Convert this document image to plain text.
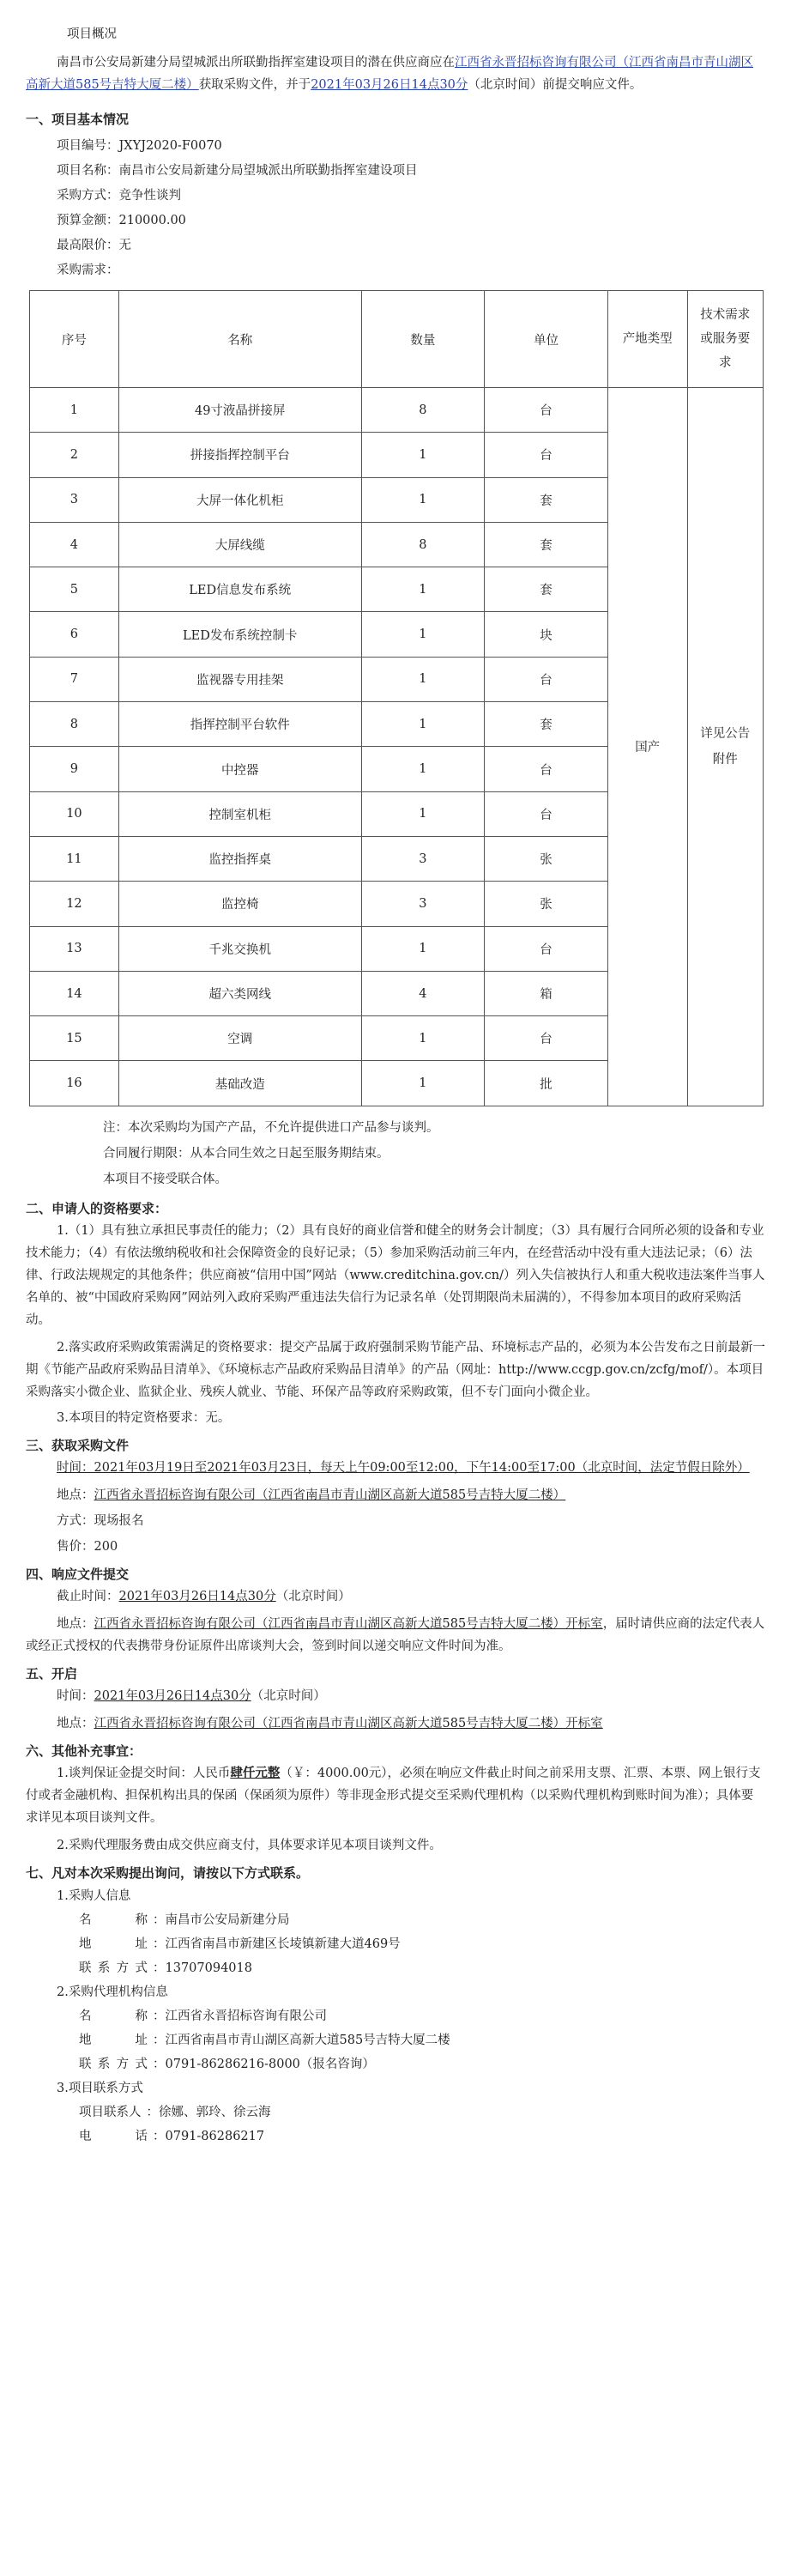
项目概况

南昌市公安局新建分局望城派出所联勤指挥室建设项目的潜在供应商应在江西省永晋招标咨询有限公司（江西省南昌市青山湖区高新大道585号吉特大厦二楼）获取采购文件，并于2021年03月26日14点30分（北京时间）前提交响应文件。

一、项目基本情况

项目编号：JXYJ2020-F0070

项目名称：南昌市公安局新建分局望城派出所联勤指挥室建设项目

采购方式：竞争性谈判

预算金额：210000.00

最高限价：无

采购需求：

序号	名称	数量	单位	产地类型	技术需求或服务要求
1	49寸液晶拼接屏	8	台	国产	详见公告附件
2	拼接指挥控制平台	1	台		
3	大屏一体化机柜	1	套		
4	大屏线缆	8	套		
5	LED信息发布系统	1	套		
6	LED发布系统控制卡	1	块		
7	监视器专用挂架	1	台		
8	指挥控制平台软件	1	套		
9	中控器	1	台		
10	控制室机柜	1	台		
11	监控指挥桌	3	张		
12	监控椅	3	张		
13	千兆交换机	1	台		
14	超六类网线	4	箱		
15	空调	1	台		
16	基础改造	1	批		

注：本次采购均为国产产品，不允许提供进口产品参与谈判。

合同履行期限：从本合同生效之日起至服务期结束。

本项目不接受联合体。

二、申请人的资格要求：

1.（1）具有独立承担民事责任的能力；（2）具有良好的商业信誉和健全的财务会计制度；（3）具有履行合同所必须的设备和专业技术能力；（4）有依法缴纳税收和社会保障资金的良好记录；（5）参加采购活动前三年内，在经营活动中没有重大违法记录；（6）法律、行政法规规定的其他条件；供应商被“信用中国”网站（www.creditchina.gov.cn/）列入失信被执行人和重大税收违法案件当事人名单的、被“中国政府采购网”网站列入政府采购严重违法失信行为记录名单（处罚期限尚未届满的），不得参加本项目的政府采购活动。

2.落实政府采购政策需满足的资格要求：提交产品属于政府强制采购节能产品、环境标志产品的，必须为本公告发布之日前最新一期《节能产品政府采购品目清单》、《环境标志产品政府采购品目清单》的产品（网址：http://www.ccgp.gov.cn/zcfg/mof/）。本项目采购落实小微企业、监狱企业、残疾人就业、节能、环保产品等政府采购政策，但不专门面向小微企业。

3.本项目的特定资格要求：无。

三、获取采购文件

时间：2021年03月19日至2021年03月23日，每天上午09:00至12:00，下午14:00至17:00（北京时间，法定节假日除外）

地点：江西省永晋招标咨询有限公司（江西省南昌市青山湖区高新大道585号吉特大厦二楼）

方式：现场报名

售价：200

四、响应文件提交

截止时间：2021年03月26日14点30分（北京时间）

地点：江西省永晋招标咨询有限公司（江西省南昌市青山湖区高新大道585号吉特大厦二楼）开标室，届时请供应商的法定代表人或经正式授权的代表携带身份证原件出席谈判大会，签到时间以递交响应文件时间为准。

五、开启

时间：2021年03月26日14点30分（北京时间）

地点：江西省永晋招标咨询有限公司（江西省南昌市青山湖区高新大道585号吉特大厦二楼）开标室

六、其他补充事宜：

1.谈判保证金提交时间：人民币肆仟元整（￥：4000.00元），必须在响应文件截止时间之前采用支票、汇票、本票、网上银行支付或者金融机构、担保机构出具的保函（保函须为原件）等非现金形式提交至采购代理机构（以采购代理机构到账时间为准）；具体要求详见本项目谈判文件。

2.采购代理服务费由成交供应商支付，具体要求详见本项目谈判文件。

七、凡对本次采购提出询问，请按以下方式联系。

1.采购人信息

名 称 ：南昌市公安局新建分局
地 址 ：江西省南昌市新建区长堎镇新建大道469号
联系方式 ：13707094018

2.采购代理机构信息

名 称 ：江西省永晋招标咨询有限公司
地 址 ：江西省南昌市青山湖区高新大道585号吉特大厦二楼
联系方式 ：0791-86286216-8000（报名咨询）

3.项目联系方式

项目联系人 ：徐娜、郭玲、徐云海
电 话 ：0791-86286217
